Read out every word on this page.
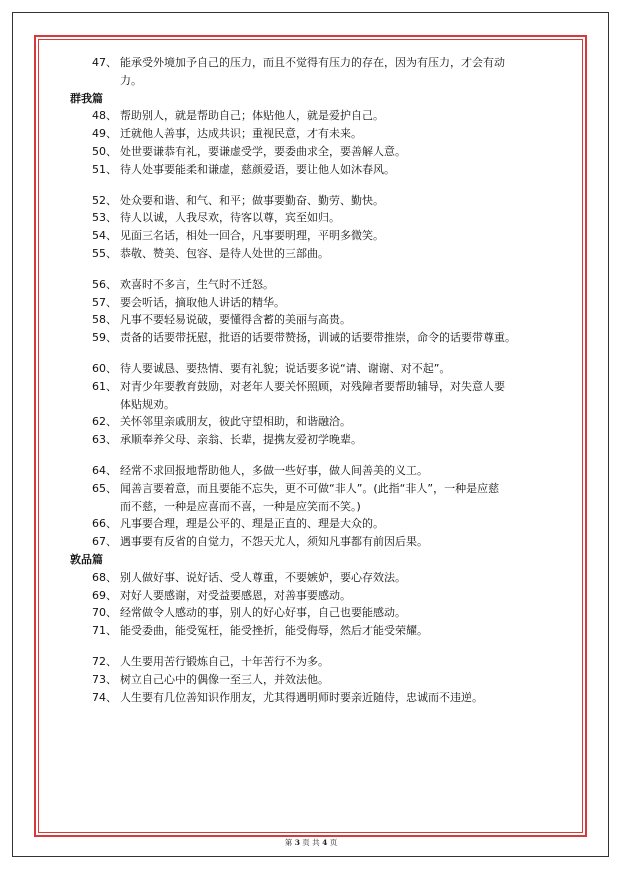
47、 能承受外境加予自己的压力，而且不觉得有压力的存在，因为有压力，才会有动
力。
群我篇
48、 帮助别人，就是帮助自己；体贴他人，就是爱护自己。
49、 迁就他人善事，达成共识；重视民意，才有未来。
50、 处世要谦恭有礼，要谦虚受学，要委曲求全，要善解人意。
51、 待人处事要能柔和谦虚，慈颜爱语，要让他人如沐春风。
52、 处众要和谐、和气、和平；做事要勤奋、勤劳、勤快。
53、 待人以诚，人我尽欢，待客以尊，宾至如归。
54、 见面三名话，相处一回合，凡事要明理，平明多微笑。
55、 恭敬、赞美、包容、是待人处世的三部曲。
56、 欢喜时不多言，生气时不迁怒。
57、 要会听话，摘取他人讲话的精华。
58、 凡事不要轻易说破，要懂得含蓄的美丽与高贵。
59、 责备的话要带抚慰，批语的话要带赞扬，训诫的话要带推崇，命令的话要带尊重。
60、 待人要诚恳、要热情、要有礼貌；说话要多说“请、谢谢、对不起”。
61、 对青少年要教育鼓励，对老年人要关怀照顾，对残障者要帮助辅导，对失意人要
体贴规劝。
62、 关怀邻里亲戚朋友，彼此守望相助，和谐融洽。
63、 承顺奉养父母、亲翁、长辈，提携友爱初学晚辈。
64、 经常不求回报地帮助他人，多做一些好事，做人间善美的义工。
65、 闻善言要着意，而且要能不忘失，更不可做“非人”。(此指“非人”，一种是应慈
而不慈，一种是应喜而不喜，一种是应笑而不笑。)
66、 凡事要合理，理是公平的、理是正直的、理是大众的。
67、 遇事要有反省的自觉力，不怨天尤人，须知凡事都有前因后果。
敦品篇
68、 别人做好事、说好话、受人尊重，不要嫉妒，要心存效法。
69、 对好人要感谢，对受益要感恩，对善事要感动。
70、 经常做令人感动的事，别人的好心好事，自己也要能感动。
71、 能受委曲，能受冤枉，能受挫折，能受侮辱，然后才能受荣耀。
72、 人生要用苦行锻炼自己，十年苦行不为多。
73、 树立自己心中的偶像一至三人，并效法他。
74、 人生要有几位善知识作朋友，尤其得遇明师时要亲近随侍，忠诚而不违逆。
第 3 页 共 4 页
